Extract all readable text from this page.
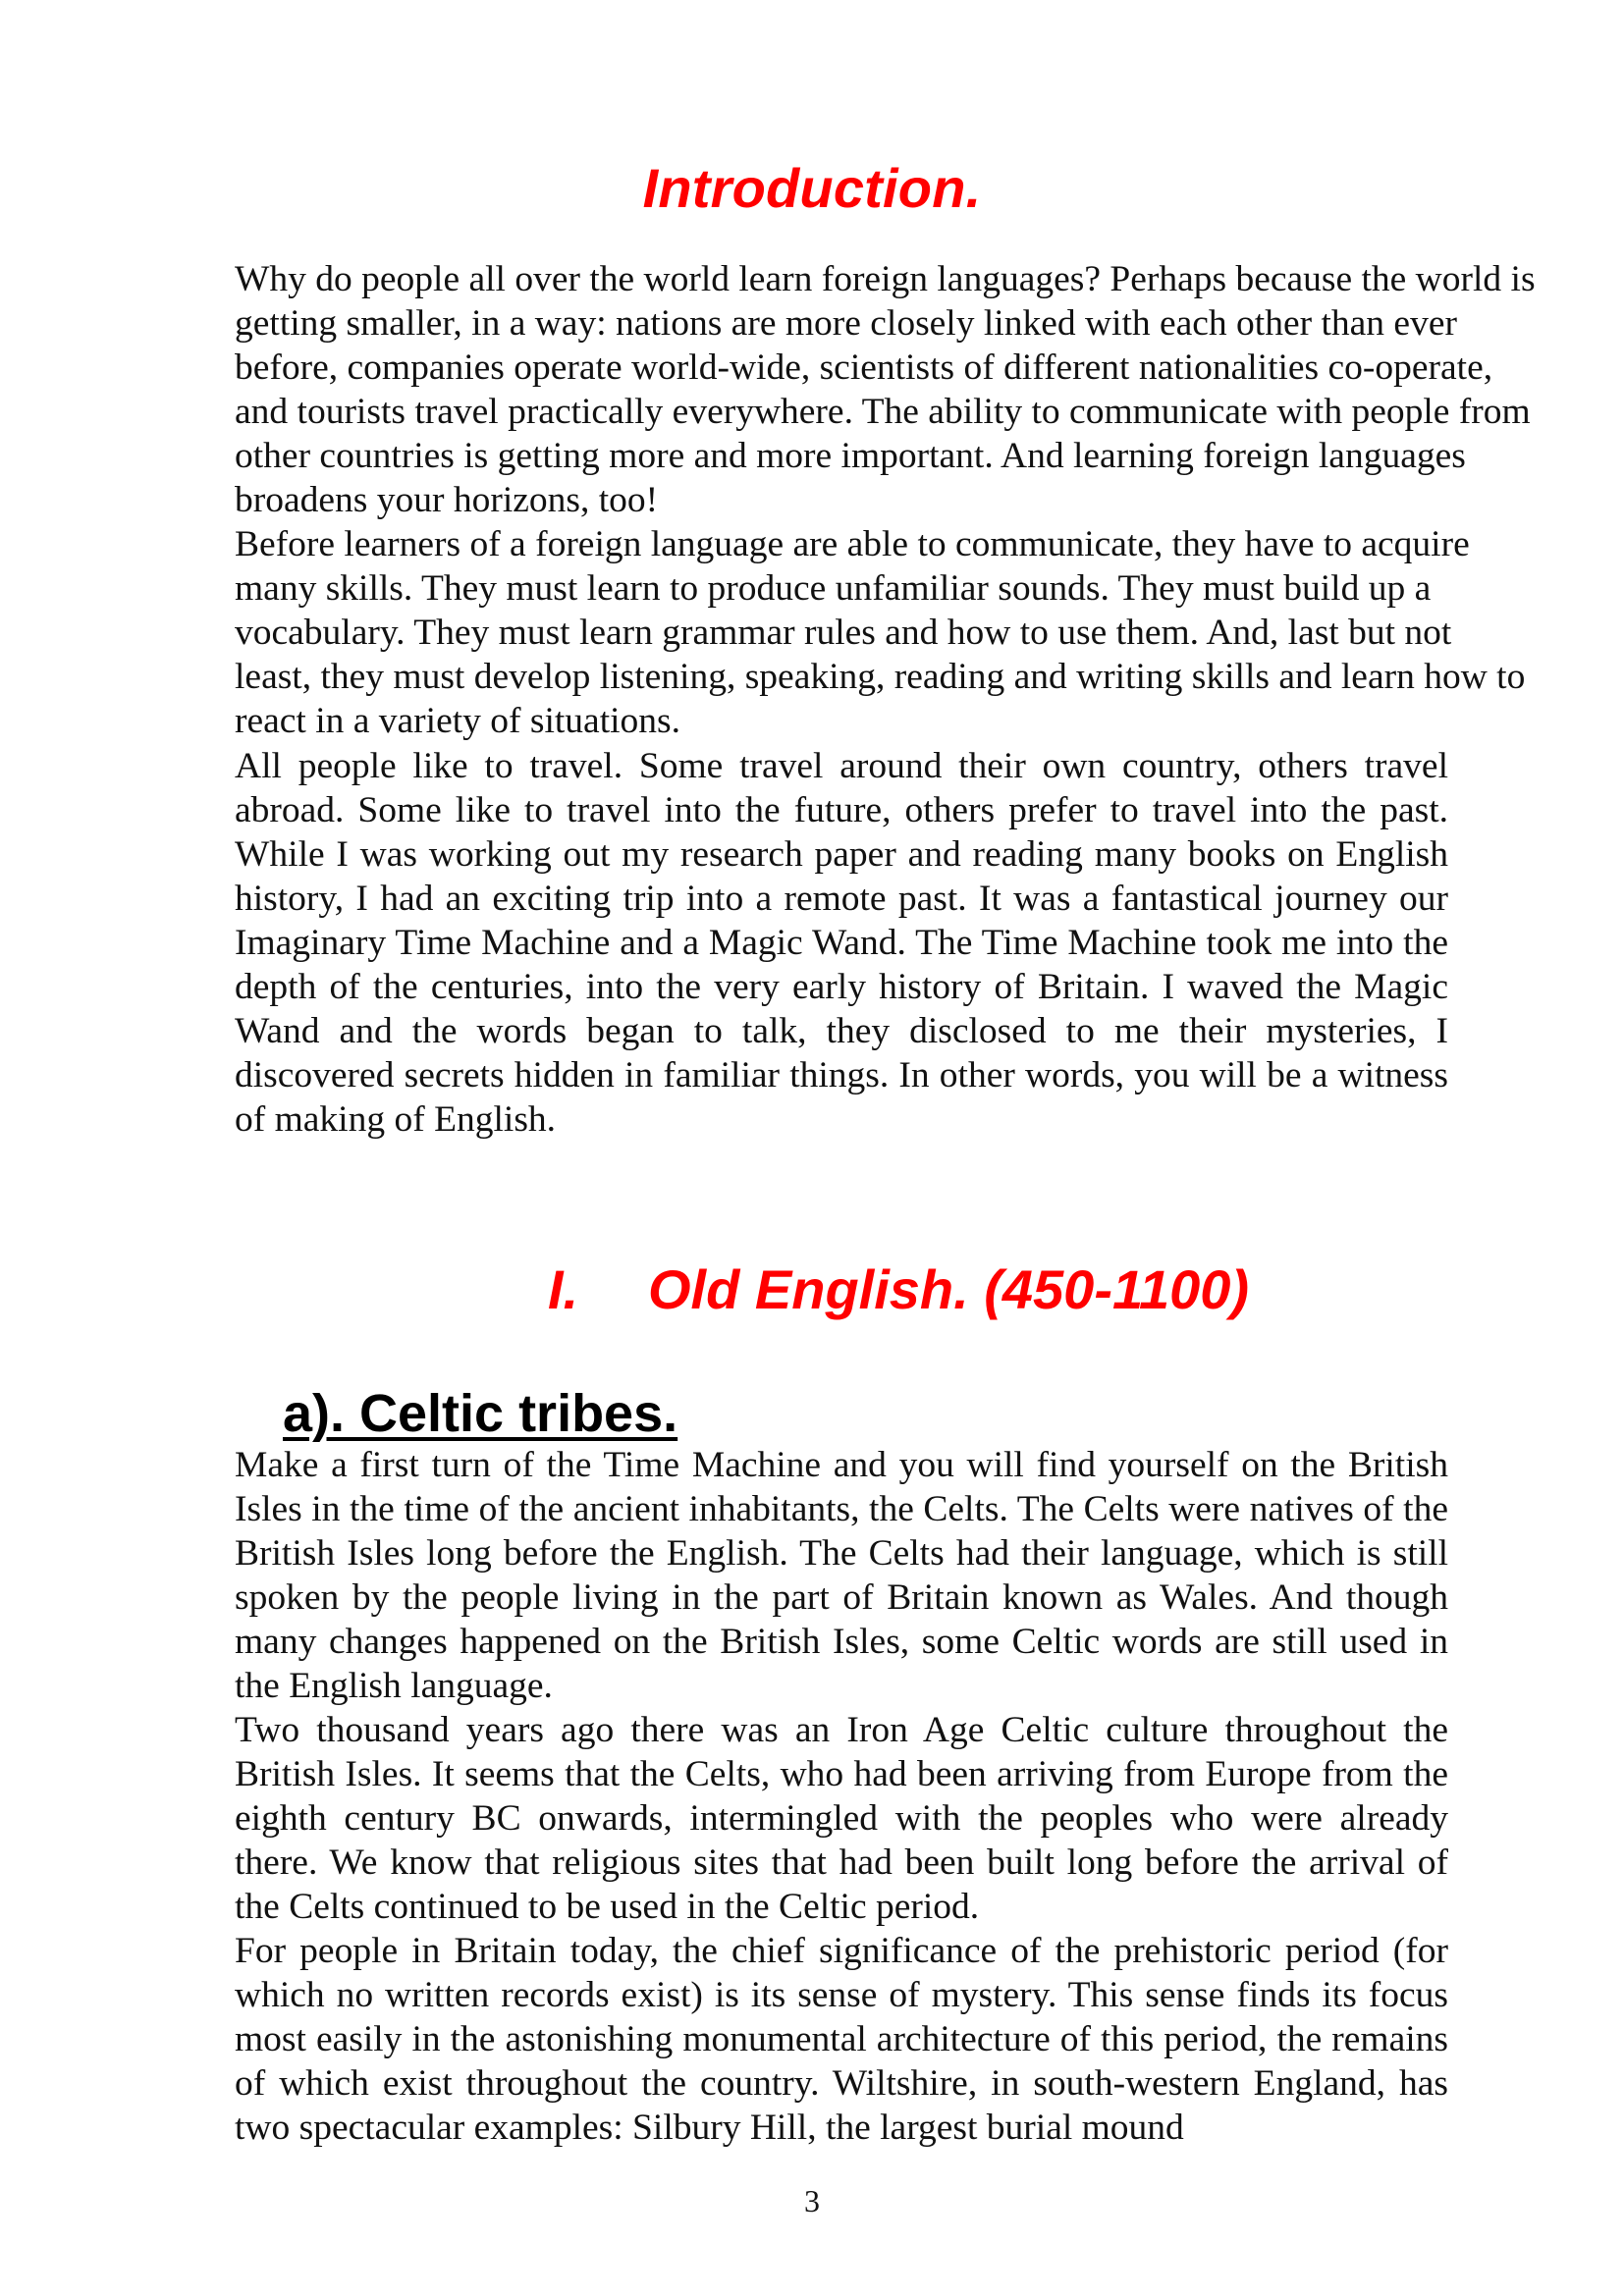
Introduction.

Why do people all over the world learn foreign languages? Perhaps because the world is getting smaller, in a way: nations are more closely linked with each other than ever before, companies operate world-wide, scientists of different nationalities co-operate, and tourists travel practically everywhere. The ability to communicate with people from other countries is getting more and more important. And learning foreign languages broadens your horizons, too!

Before learners of a foreign language are able to communicate, they have to acquire many skills. They must learn to produce unfamiliar sounds. They must build up a vocabulary. They must learn grammar rules and how to use them. And, last but not least, they must develop listening, speaking, reading and writing skills and learn how to react in a variety of situations.

All people like to travel. Some travel around their own country, others travel abroad. Some like to travel into the future, others prefer to travel into the past. While I was working out my research paper and reading many books on English history, I had an exciting trip into a remote past. It was a fantastical journey our Imaginary Time Machine and a Magic Wand. The Time Machine took me into the depth of the centuries, into the very early history of Britain. I waved the Magic Wand and the words began to talk, they disclosed to me their mysteries, I discovered secrets hidden in familiar things. In other words, you will be a witness of making of English.

I. Old English. (450-1100)
a). Celtic tribes.

Make a first turn of the Time Machine and you will find yourself on the British Isles in the time of the ancient inhabitants, the Celts. The Celts were natives of the British Isles long before the English. The Celts had their language, which is still spoken by the people living in the part of Britain known as Wales. And though many changes happened on the British Isles, some Celtic words are still used in the English language.

Two thousand years ago there was an Iron Age Celtic culture throughout the British Isles. It seems that the Celts, who had been arriving from Europe from the eighth century BC onwards, intermingled with the peoples who were already there. We know that religious sites that had been built long before the arrival of the Celts continued to be used in the Celtic period.

For people in Britain today, the chief significance of the prehistoric period (for which no written records exist) is its sense of mystery. This sense finds its focus most easily in the astonishing monumental architecture of this period, the remains of which exist throughout the country. Wiltshire, in south-western England, has two spectacular examples: Silbury Hill, the largest burial mound

3
